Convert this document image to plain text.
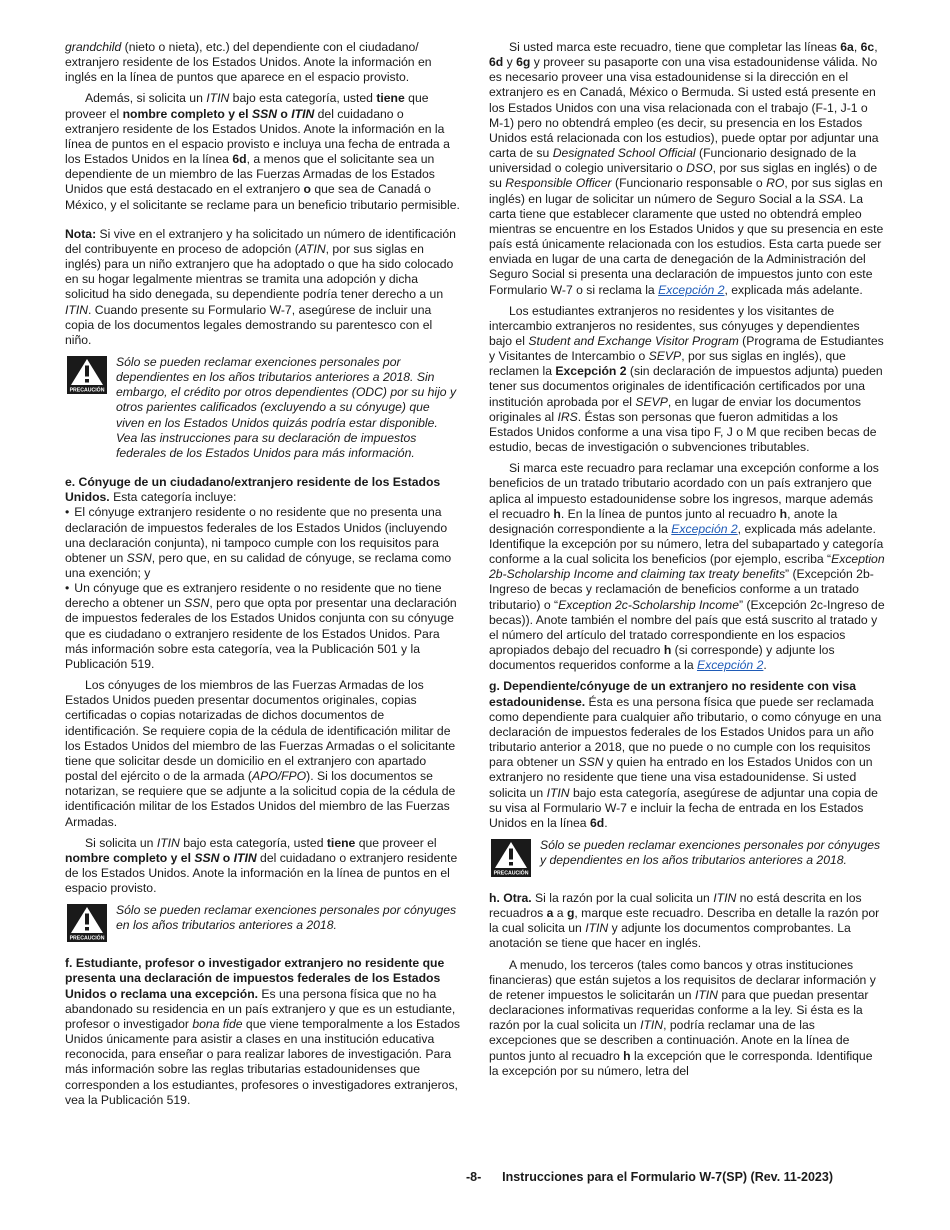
grandchild (nieto o nieta), etc.) del dependiente con el ciudadano/ extranjero residente de los Estados Unidos. Anote la información en inglés en la línea de puntos que aparece en el espacio provisto.

Además, si solicita un ITIN bajo esta categoría, usted tiene que proveer el nombre completo y el SSN o ITIN del cuidadano o extranjero residente de los Estados Unidos. Anote la información en la línea de puntos en el espacio provisto e incluya una fecha de entrada a los Estados Unidos en la línea 6d, a menos que el solicitante sea un dependiente de un miembro de las Fuerzas Armadas de los Estados Unidos que está destacado en el extranjero o que sea de Canadá o México, y el solicitante se reclame para un beneficio tributario permisible.

Nota: Si vive en el extranjero y ha solicitado un número de identificación del contribuyente en proceso de adopción (ATIN, por sus siglas en inglés) para un niño extranjero que ha adoptado o que ha sido colocado en su hogar legalmente mientras se tramita una adopción y dicha solicitud ha sido denegada, su dependiente podría tener derecho a un ITIN. Cuando presente su Formulario W-7, asegúrese de incluir una copia de los documentos legales demostrando su parentesco con el niño.

PRECAUCIÓN
Sólo se pueden reclamar exenciones personales por dependientes en los años tributarios anteriores a 2018. Sin embargo, el crédito por otros dependientes (ODC) por su hijo y otros parientes calificados (excluyendo a su cónyuge) que viven en los Estados Unidos quizás podría estar disponible. Vea las instrucciones para su declaración de impuestos federales de los Estados Unidos para más información.

e. Cónyuge de un ciudadano/extranjero residente de los Estados Unidos. Esta categoría incluye:

• El cónyuge extranjero residente o no residente que no presenta una declaración de impuestos federales de los Estados Unidos (incluyendo una declaración conjunta), ni tampoco cumple con los requisitos para obtener un SSN, pero que, en su calidad de cónyuge, se reclama como una exención; y

• Un cónyuge que es extranjero residente o no residente que no tiene derecho a obtener un SSN, pero que opta por presentar una declaración de impuestos federales de los Estados Unidos conjunta con su cónyuge que es ciudadano o extranjero residente de los Estados Unidos. Para más información sobre esta categoría, vea la Publicación 501 y la Publicación 519.

Los cónyuges de los miembros de las Fuerzas Armadas de los Estados Unidos pueden presentar documentos originales, copias certificadas o copias notarizadas de dichos documentos de identificación. Se requiere copia de la cédula de identificación militar de los Estados Unidos del miembro de las Fuerzas Armadas o el solicitante tiene que solicitar desde un domicilio en el extranjero con apartado postal del ejército o de la armada (APO/FPO). Si los documentos se notarizan, se requiere que se adjunte a la solicitud copia de la cédula de identificación militar de los Estados Unidos del miembro de las Fuerzas Armadas.

Si solicita un ITIN bajo esta categoría, usted tiene que proveer el nombre completo y el SSN o ITIN del cuidadano o extranjero residente de los Estados Unidos. Anote la información en la línea de puntos en el espacio provisto.

PRECAUCIÓN
Sólo se pueden reclamar exenciones personales por cónyuges en los años tributarios anteriores a 2018.

f. Estudiante, profesor o investigador extranjero no residente que presenta una declaración de impuestos federales de los Estados Unidos o reclama una excepción. Es una persona física que no ha abandonado su residencia en un país extranjero y que es un estudiante, profesor o investigador bona fide que viene temporalmente a los Estados Unidos únicamente para asistir a clases en una institución educativa reconocida, para enseñar o para realizar labores de investigación. Para más información sobre las reglas tributarias estadounidenses que corresponden a los estudiantes, profesores o investigadores extranjeros, vea la Publicación 519.

Si usted marca este recuadro, tiene que completar las líneas 6a, 6c, 6d y 6g y proveer su pasaporte con una visa estadounidense válida. No es necesario proveer una visa estadounidense si la dirección en el extranjero es en Canadá, México o Bermuda. Si usted está presente en los Estados Unidos con una visa relacionada con el trabajo (F-1, J-1 o M-1) pero no obtendrá empleo (es decir, su presencia en los Estados Unidos está relacionada con los estudios), puede optar por adjuntar una carta de su Designated School Official (Funcionario designado de la universidad o colegio universitario o DSO, por sus siglas en inglés) o de su Responsible Officer (Funcionario responsable o RO, por sus siglas en inglés) en lugar de solicitar un número de Seguro Social a la SSA. La carta tiene que establecer claramente que usted no obtendrá empleo mientras se encuentre en los Estados Unidos y que su presencia en este país está únicamente relacionada con los estudios. Esta carta puede ser enviada en lugar de una carta de denegación de la Administración del Seguro Social si presenta una declaración de impuestos junto con este Formulario W-7 o si reclama la Excepción 2, explicada más adelante.

Los estudiantes extranjeros no residentes y los visitantes de intercambio extranjeros no residentes, sus cónyuges y dependientes bajo el Student and Exchange Visitor Program (Programa de Estudiantes y Visitantes de Intercambio o SEVP, por sus siglas en inglés), que reclamen la Excepción 2 (sin declaración de impuestos adjunta) pueden tener sus documentos originales de identificación certificados por una institución aprobada por el SEVP, en lugar de enviar los documentos originales al IRS. Éstas son personas que fueron admitidas a los Estados Unidos conforme a una visa tipo F, J o M que reciben becas de estudio, becas de investigación o subvenciones tributables.

Si marca este recuadro para reclamar una excepción conforme a los beneficios de un tratado tributario acordado con un país extranjero que aplica al impuesto estadounidense sobre los ingresos, marque además el recuadro h. En la línea de puntos junto al recuadro h, anote la designación correspondiente a la Excepción 2, explicada más adelante. Identifique la excepción por su número, letra del subapartado y categoría conforme a la cual solicita los beneficios (por ejemplo, escriba “Exception 2b-Scholarship Income and claiming tax treaty benefits” (Excepción 2b-Ingreso de becas y reclamación de beneficios conforme a un tratado tributario) o “Exception 2c-Scholarship Income” (Excepción 2c-Ingreso de becas)). Anote también el nombre del país que está suscrito al tratado y el número del artículo del tratado correspondiente en los espacios apropiados debajo del recuadro h (si corresponde) y adjunte los documentos requeridos conforme a la Excepción 2.

g. Dependiente/cónyuge de un extranjero no residente con visa estadounidense. Ésta es una persona física que puede ser reclamada como dependiente para cualquier año tributario, o como cónyuge en una declaración de impuestos federales de los Estados Unidos para un año tributario anterior a 2018, que no puede o no cumple con los requisitos para obtener un SSN y quien ha entrado en los Estados Unidos con un extranjero no residente que tiene una visa estadounidense. Si usted solicita un ITIN bajo esta categoría, asegúrese de adjuntar una copia de su visa al Formulario W-7 e incluir la fecha de entrada en los Estados Unidos en la línea 6d.

PRECAUCIÓN
Sólo se pueden reclamar exenciones personales por cónyuges y dependientes en los años tributarios anteriores a 2018.

h. Otra. Si la razón por la cual solicita un ITIN no está descrita en los recuadros a a g, marque este recuadro. Describa en detalle la razón por la cual solicita un ITIN y adjunte los documentos comprobantes. La anotación se tiene que hacer en inglés.

A menudo, los terceros (tales como bancos y otras instituciones financieras) que están sujetos a los requisitos de declarar información y de retener impuestos le solicitarán un ITIN para que puedan presentar declaraciones informativas requeridas conforme a la ley. Si ésta es la razón por la cual solicita un ITIN, podría reclamar una de las excepciones que se describen a continuación. Anote en la línea de puntos junto al recuadro h la excepción que le corresponda. Identifique la excepción por su número, letra del

-8- Instrucciones para el Formulario W-7(SP) (Rev. 11-2023)
